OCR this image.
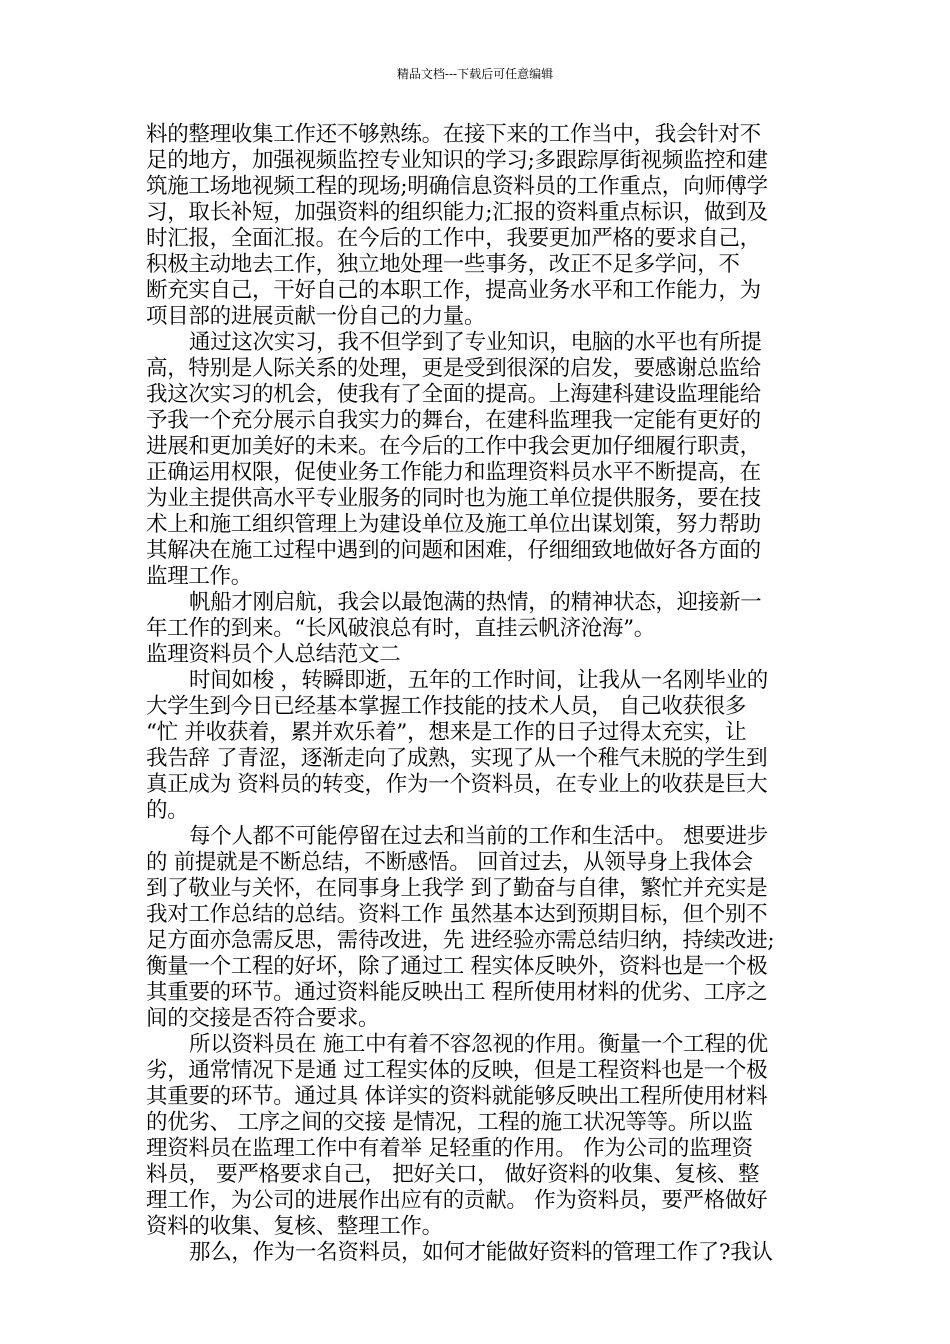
精品文档---下载后可任意编辑
料的整理收集工作还不够熟练。在接下来的工作当中，我会针对不
足的地方，加强视频监控专业知识的学习;多跟踪厚街视频监控和建
筑施工场地视频工程的现场;明确信息资料员的工作重点，向师傅学
习，取长补短，加强资料的组织能力;汇报的资料重点标识，做到及
时汇报，全面汇报。在今后的工作中，我要更加严格的要求自己，
积极主动地去工作，独立地处理一些事务，改正不足多学问，不
断充实自己，干好自己的本职工作，提高业务水平和工作能力，为
项目部的进展贡献一份自己的力量。
通过这次实习，我不但学到了专业知识，电脑的水平也有所提
高，特别是人际关系的处理，更是受到很深的启发，要感谢总监给
我这次实习的机会，使我有了全面的提高。上海建科建设监理能给
予我一个充分展示自我实力的舞台，在建科监理我一定能有更好的
进展和更加美好的未来。在今后的工作中我会更加仔细履行职责，
正确运用权限，促使业务工作能力和监理资料员水平不断提高，在
为业主提供高水平专业服务的同时也为施工单位提供服务，要在技
术上和施工组织管理上为建设单位及施工单位出谋划策，努力帮助
其解决在施工过程中遇到的问题和困难，仔细细致地做好各方面的
监理工作。
帆船才刚启航，我会以最饱满的热情，的精神状态，迎接新一
年工作的到来。“长风破浪总有时，直挂云帆济沧海”。
监理资料员个人总结范文二
时间如梭 ，转瞬即逝，五年的工作时间，让我从一名刚毕业的
大学生到今日已经基本掌握工作技能的技术人员， 自己收获很多
“忙 并收获着，累并欢乐着”，想来是工作的日子过得太充实，让
我告辞 了青涩，逐渐走向了成熟，实现了从一个稚气未脱的学生到
真正成为 资料员的转变，作为一个资料员，在专业上的收获是巨大
的。
每个人都不可能停留在过去和当前的工作和生活中。 想要进步
的 前提就是不断总结，不断感悟。 回首过去，从领导身上我体会
到了敬业与关怀，在同事身上我学 到了勤奋与自律，繁忙并充实是
我对工作总结的总结。资料工作 虽然基本达到预期目标，但个别不
足方面亦急需反思，需待改进，先 进经验亦需总结归纳，持续改进;
衡量一个工程的好坏，除了通过工 程实体反映外，资料也是一个极
其重要的环节。通过资料能反映出工 程所使用材料的优劣、工序之
间的交接是否符合要求。
所以资料员在 施工中有着不容忽视的作用。衡量一个工程的优
劣，通常情况下是通 过工程实体的反映，但是工程资料也是一个极
其重要的环节。通过具 体详实的资料就能够反映出工程所使用材料
的优劣、 工序之间的交接 是情况，工程的施工状况等等。所以监
理资料员在监理工作中有着举 足轻重的作用。 作为公司的监理资
料员， 要严格要求自己， 把好关口， 做好资料的收集、复核、整
理工作，为公司的进展作出应有的贡献。 作为资料员，要严格做好
资料的收集、复核、整理工作。
那么，作为一名资料员，如何才能做好资料的管理工作了?我认
